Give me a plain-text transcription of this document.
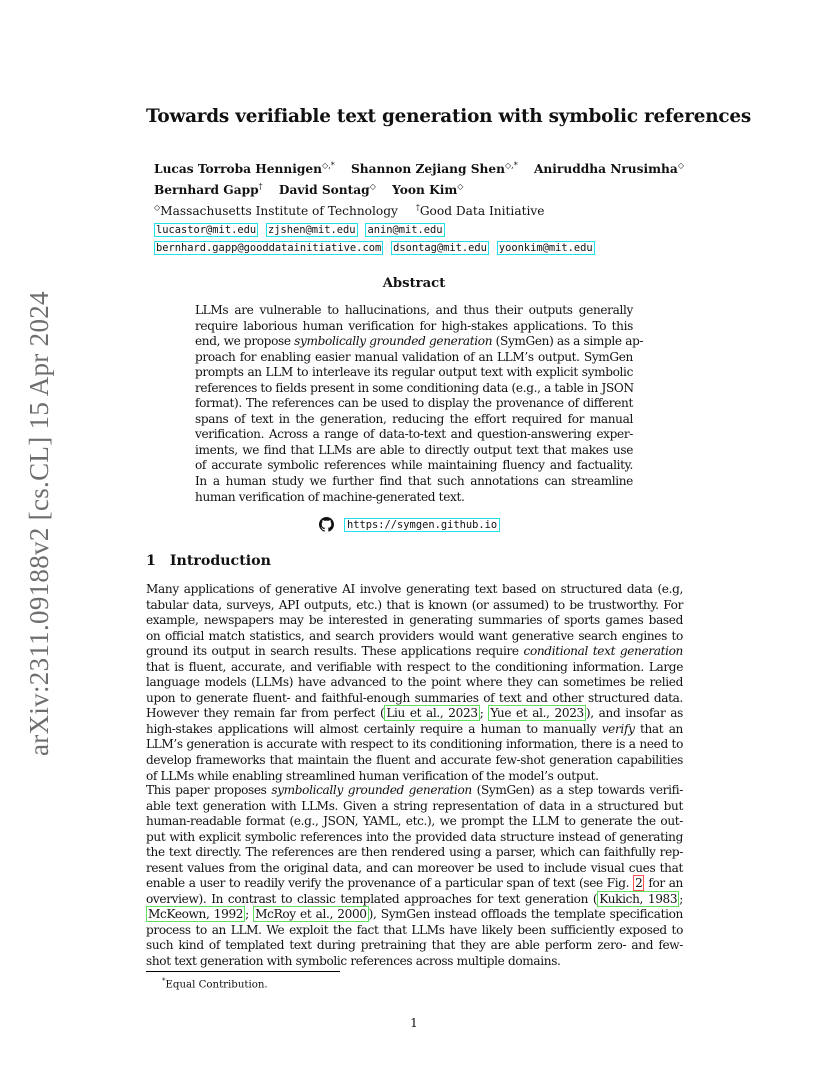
arXiv:2311.09188v2 [cs.CL] 15 Apr 2024
Towards verifiable text generation with symbolic references
Lucas Torroba Hennigen◇,* Shannon Zejiang Shen◇,* Aniruddha Nrusimha◇
Bernhard Gapp† David Sontag◇ Yoon Kim◇
◇Massachusetts Institute of Technology †Good Data Initiative
lucastor@mit.edu zjshen@mit.edu anin@mit.edu
bernhard.gapp@gooddatainitiative.com dsontag@mit.edu yoonkim@mit.edu
Abstract
LLMs are vulnerable to hallucinations, and thus their outputs generally
require laborious human verification for high-stakes applications. To this
end, we propose symbolically grounded generation (SymGen) as a simple ap-
proach for enabling easier manual validation of an LLM’s output. SymGen
prompts an LLM to interleave its regular output text with explicit symbolic
references to fields present in some conditioning data (e.g., a table in JSON
format). The references can be used to display the provenance of different
spans of text in the generation, reducing the effort required for manual
verification. Across a range of data-to-text and question-answering exper-
iments, we find that LLMs are able to directly output text that makes use
of accurate symbolic references while maintaining fluency and factuality.
In a human study we further find that such annotations can streamline
human verification of machine-generated text.
https://symgen.github.io
1 Introduction
Many applications of generative AI involve generating text based on structured data (e.g,
tabular data, surveys, API outputs, etc.) that is known (or assumed) to be trustworthy. For
example, newspapers may be interested in generating summaries of sports games based
on official match statistics, and search providers would want generative search engines to
ground its output in search results. These applications require conditional text generation
that is fluent, accurate, and verifiable with respect to the conditioning information. Large
language models (LLMs) have advanced to the point where they can sometimes be relied
upon to generate fluent- and faithful-enough summaries of text and other structured data.
However they remain far from perfect ( Liu et al., 2023 ; Yue et al., 2023 ), and insofar as
high-stakes applications will almost certainly require a human to manually verify that an
LLM’s generation is accurate with respect to its conditioning information, there is a need to
develop frameworks that maintain the fluent and accurate few-shot generation capabilities
of LLMs while enabling streamlined human verification of the model’s output.
This paper proposes symbolically grounded generation (SymGen) as a step towards verifi-
able text generation with LLMs. Given a string representation of data in a structured but
human-readable format (e.g., JSON, YAML, etc.), we prompt the LLM to generate the out-
put with explicit symbolic references into the provided data structure instead of generating
the text directly. The references are then rendered using a parser, which can faithfully rep-
resent values from the original data, and can moreover be used to include visual cues that
enable a user to readily verify the provenance of a particular span of text (see Fig. 2 for an
overview). In contrast to classic templated approaches for text generation ( Kukich, 1983 ;
McKeown, 1992 ; McRoy et al., 2000 ), SymGen instead offloads the template specification
process to an LLM. We exploit the fact that LLMs have likely been sufficiently exposed to
such kind of templated text during pretraining that they are able perform zero- and few-
shot text generation with symbolic references across multiple domains.
*Equal Contribution.
1
